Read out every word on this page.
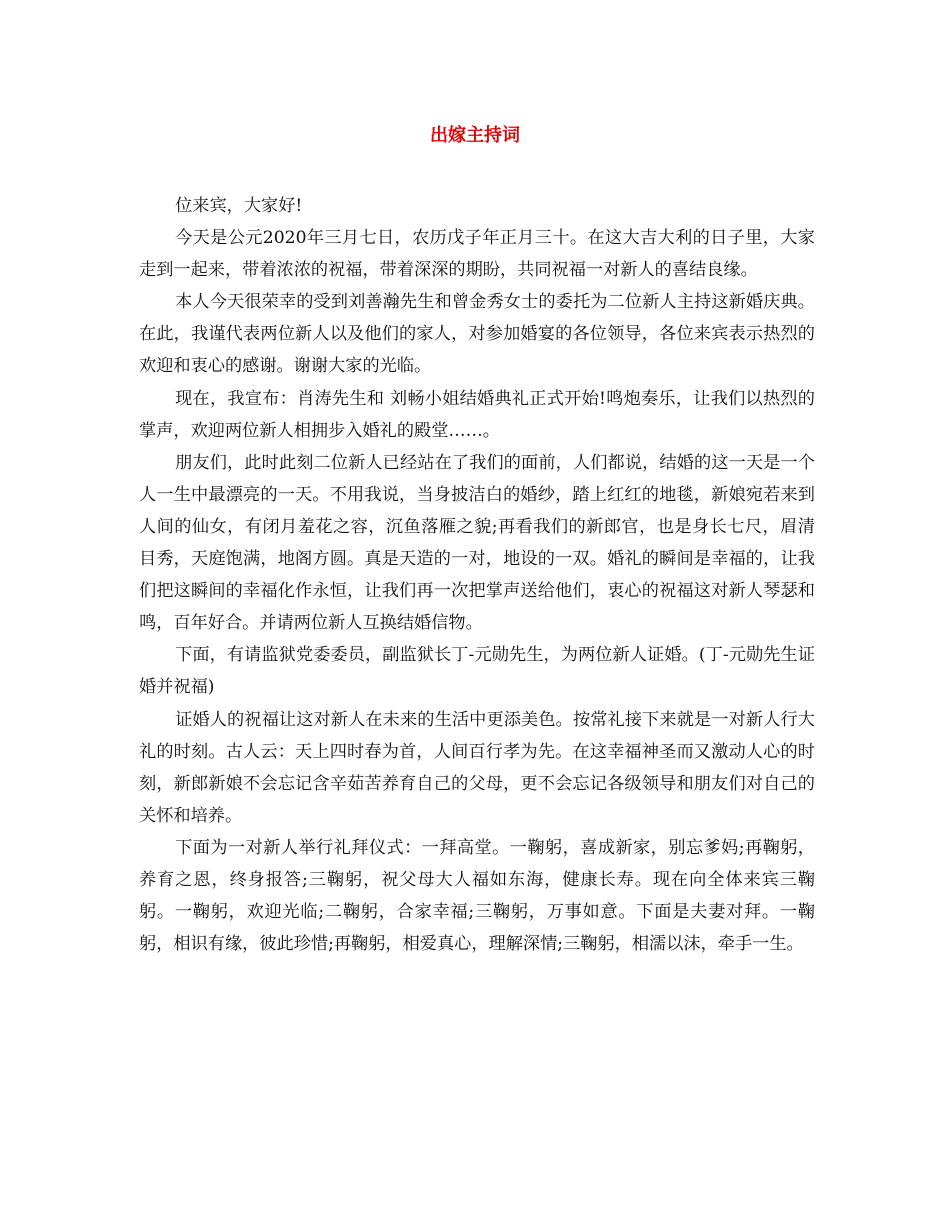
出嫁主持词

位来宾，大家好!

今天是公元2020年三月七日，农历戊子年正月三十。在这大吉大利的日子里，大家走到一起来，带着浓浓的祝福，带着深深的期盼，共同祝福一对新人的喜结良缘。

本人今天很荣幸的受到刘善瀚先生和曾金秀女士的委托为二位新人主持这新婚庆典。在此，我谨代表两位新人以及他们的家人，对参加婚宴的各位领导，各位来宾表示热烈的欢迎和衷心的感谢。谢谢大家的光临。

现在，我宣布：肖涛先生和 刘畅小姐结婚典礼正式开始!鸣炮奏乐，让我们以热烈的掌声，欢迎两位新人相拥步入婚礼的殿堂……。

朋友们，此时此刻二位新人已经站在了我们的面前，人们都说，结婚的这一天是一个人一生中最漂亮的一天。不用我说，当身披洁白的婚纱，踏上红红的地毯，新娘宛若来到人间的仙女，有闭月羞花之容，沉鱼落雁之貌;再看我们的新郎官，也是身长七尺，眉清目秀，天庭饱满，地阁方圆。真是天造的一对，地设的一双。婚礼的瞬间是幸福的，让我们把这瞬间的幸福化作永恒，让我们再一次把掌声送给他们，衷心的祝福这对新人琴瑟和鸣，百年好合。并请两位新人互换结婚信物。

下面，有请监狱党委委员，副监狱长丁-元勋先生，为两位新人证婚。(丁-元勋先生证婚并祝福)

证婚人的祝福让这对新人在未来的生活中更添美色。按常礼接下来就是一对新人行大礼的时刻。古人云：天上四时春为首，人间百行孝为先。在这幸福神圣而又激动人心的时刻，新郎新娘不会忘记含辛茹苦养育自己的父母，更不会忘记各级领导和朋友们对自己的关怀和培养。

下面为一对新人举行礼拜仪式：一拜高堂。一鞠躬，喜成新家，别忘爹妈;再鞠躬，养育之恩，终身报答;三鞠躬，祝父母大人福如东海，健康长寿。现在向全体来宾三鞠躬。一鞠躬，欢迎光临;二鞠躬，合家幸福;三鞠躬，万事如意。下面是夫妻对拜。一鞠躬，相识有缘，彼此珍惜;再鞠躬，相爱真心，理解深情;三鞠躬，相濡以沫，牵手一生。
